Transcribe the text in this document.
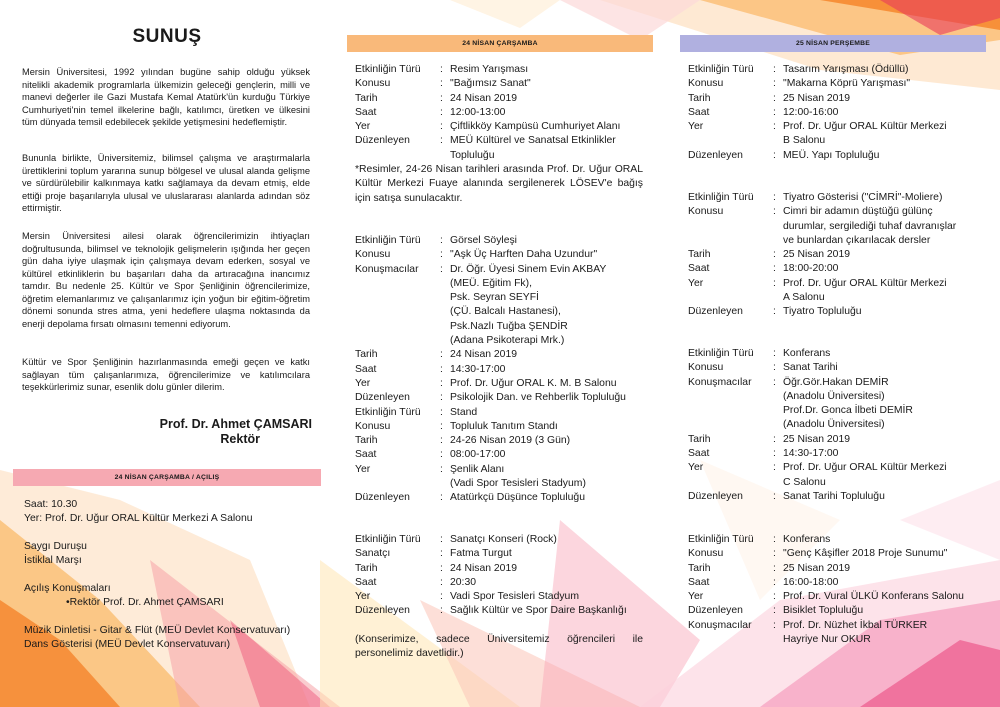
SUNUŞ
Mersin Üniversitesi, 1992 yılından bugüne sahip olduğu yüksek nitelikli akademik programlarla ülkemizin geleceği gençlerin, milli ve manevi değerler ile Gazi Mustafa Kemal Atatürk'ün kurduğu Türkiye Cumhuriyeti'nin temel ilkelerine bağlı, katılımcı, üretken ve ülkesini tüm dünyada temsil edebilecek şekilde yetişmesini hedeflemiştir.
Bununla birlikte, Üniversitemiz, bilimsel çalışma ve araştırmalarla ürettiklerini toplum yararına sunup bölgesel ve ulusal alanda gelişme ve sürdürülebilir kalkınmaya katkı sağlamaya da devam etmiş, elde ettiği proje başarılarıyla ulusal ve uluslararası alanlarda adından söz ettirmiştir.
Mersin Üniversitesi ailesi olarak öğrencilerimizin ihtiyaçları doğrultusunda, bilimsel ve teknolojik gelişmelerin ışığında her geçen gün daha iyiye ulaşmak için çalışmaya devam ederken, sosyal ve kültürel etkinliklerin bu başarıları daha da artıracağına inancımız tamdır. Bu nedenle 25. Kültür ve Spor Şenliğinin öğrencilerimize, öğretim elemanlarımız ve çalışanlarımız için yoğun bir eğitim-öğretim dönemi sonunda stres atma, yeni hedeflere ulaşma noktasında da enerji depolama fırsatı olmasını temenni ediyorum.
Kültür ve Spor Şenliğinin hazırlanmasında emeği geçen ve katkı sağlayan tüm çalışanlarımıza, öğrencilerimize ve katılımcılara teşekkürlerimiz sunar, esenlik dolu günler dilerim.
Prof. Dr. Ahmet ÇAMSARI
Rektör
24 NİSAN ÇARŞAMBA / AÇILIŞ
Saat: 10.30
Yer: Prof. Dr. Uğur ORAL Kültür Merkezi A Salonu
Saygı Duruşu
İstiklal Marşı
Açılış Konuşmaları
•Rektör Prof. Dr. Ahmet ÇAMSARI
Müzik Dinletisi - Gitar & Flüt (MEÜ Devlet Konservatuvarı)
Dans Gösterisi (MEÜ Devlet Konservatuvarı)
24 NİSAN ÇARŞAMBA
Etkinliğin Türü	: Resim Yarışması
Konusu	: "Bağımsız Sanat"
Tarih	: 24 Nisan 2019
Saat	: 12:00-13:00
Yer	: Çiftlikköy Kampüsü Cumhuriyet Alanı
Düzenleyen	: MEÜ Kültürel ve Sanatsal Etkinlikler
Topluluğu
*Resimler, 24-26 Nisan tarihleri arasında Prof. Dr. Uğur ORAL Kültür Merkezi Fuaye alanında sergilenerek LÖSEV'e bağış için satışa sunulacaktır.
Etkinliğin Türü	: Görsel Söyleşi
Konusu	: "Aşk Üç Harften Daha Uzundur"
Konuşmacılar	: Dr. Öğr. Üyesi Sinem Evin AKBAY
(MEÜ. Eğitim Fk),
Psk. Seyran SEYFİ
(ÇÜ. Balcalı Hastanesi),
Psk.Nazlı Tuğba ŞENDİR
(Adana Psikoterapi Mrk.)
Tarih	: 24 Nisan 2019
Saat	: 14:30-17:00
Yer	: Prof. Dr. Uğur ORAL K. M. B Salonu
Düzenleyen	: Psikolojik Dan. ve Rehberlik Topluluğu
Etkinliğin Türü	: Stand
Konusu	: Topluluk Tanıtım Standı
Tarih	: 24-26 Nisan 2019 (3 Gün)
Saat	: 08:00-17:00
Yer	: Şenlik Alanı
(Vadi Spor Tesisleri Stadyum)
Düzenleyen	: Atatürkçü Düşünce Topluluğu
Etkinliğin Türü	: Sanatçı Konseri (Rock)
Sanatçı	: Fatma Turgut
Tarih	: 24 Nisan 2019
Saat	: 20:30
Yer	: Vadi Spor Tesisleri Stadyum
Düzenleyen	: Sağlık Kültür ve Spor Daire Başkanlığı
(Konserimize, sadece Üniversitemiz öğrencileri ile personelimiz davetlidir.)
25 NİSAN PERŞEMBE
Etkinliğin Türü	: Tasarım Yarışması (Ödüllü)
Konusu	: "Makarna Köprü Yarışması"
Tarih	: 25 Nisan 2019
Saat	: 12:00-16:00
Yer	: Prof. Dr. Uğur ORAL Kültür Merkezi
B Salonu
Düzenleyen	: MEÜ. Yapı Topluluğu
Etkinliğin Türü	: Tiyatro Gösterisi ("CİMRİ"-Moliere)
Konusu	: Cimri bir adamın düştüğü gülünç
durumlar, sergilediği tuhaf davranışlar
ve bunlardan çıkarılacak dersler
Tarih	: 25 Nisan 2019
Saat	: 18:00-20:00
Yer	: Prof. Dr. Uğur ORAL Kültür Merkezi
A Salonu
Düzenleyen	: Tiyatro Topluluğu
Etkinliğin Türü	: Konferans
Konusu	: Sanat Tarihi
Konuşmacılar	: Öğr.Gör.Hakan DEMİR
(Anadolu Üniversitesi)
Prof.Dr. Gonca İlbeti DEMİR
(Anadolu Üniversitesi)
Tarih	: 25 Nisan 2019
Saat	: 14:30-17:00
Yer	: Prof. Dr. Uğur ORAL Kültür Merkezi
C Salonu
Düzenleyen	: Sanat Tarihi Topluluğu
Etkinliğin Türü	: Konferans
Konusu	: "Genç Kâşifler 2018 Proje Sunumu"
Tarih	: 25 Nisan 2019
Saat	: 16:00-18:00
Yer	: Prof. Dr. Vural ÜLKÜ Konferans Salonu
Düzenleyen	: Bisiklet Topluluğu
Konuşmacılar	: Prof. Dr. Nüzhet İkbal TÜRKER
Hayriye Nur OKUR
